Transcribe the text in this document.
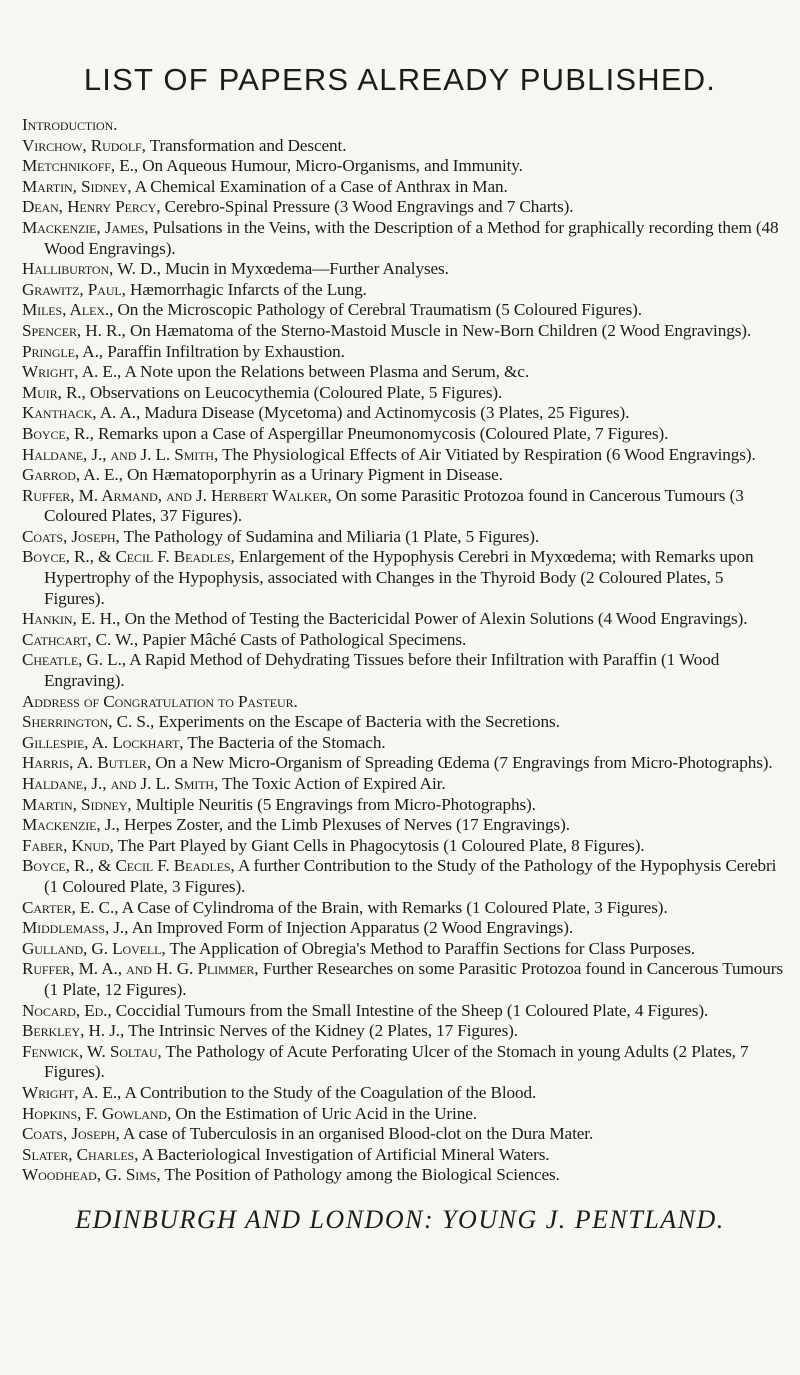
LIST OF PAPERS ALREADY PUBLISHED.
Introduction.
Virchow, Rudolf, Transformation and Descent.
Metchnikoff, E., On Aqueous Humour, Micro-Organisms, and Immunity.
Martin, Sidney, A Chemical Examination of a Case of Anthrax in Man.
Dean, Henry Percy, Cerebro-Spinal Pressure (3 Wood Engravings and 7 Charts).
Mackenzie, James, Pulsations in the Veins, with the Description of a Method for graphically recording them (48 Wood Engravings).
Halliburton, W. D., Mucin in Myxœdema—Further Analyses.
Grawitz, Paul, Hæmorrhagic Infarcts of the Lung.
Miles, Alex., On the Microscopic Pathology of Cerebral Traumatism (5 Coloured Figures).
Spencer, H. R., On Hæmatoma of the Sterno-Mastoid Muscle in New-Born Children (2 Wood Engravings).
Pringle, A., Paraffin Infiltration by Exhaustion.
Wright, A. E., A Note upon the Relations between Plasma and Serum, &c.
Muir, R., Observations on Leucocythemia (Coloured Plate, 5 Figures).
Kanthack, A. A., Madura Disease (Mycetoma) and Actinomycosis (3 Plates, 25 Figures).
Boyce, R., Remarks upon a Case of Aspergillar Pneumonomycosis (Coloured Plate, 7 Figures).
Haldane, J., and J. L. Smith, The Physiological Effects of Air Vitiated by Respiration (6 Wood Engravings).
Garrod, A. E., On Hæmatoporphyrin as a Urinary Pigment in Disease.
Ruffer, M. Armand, and J. Herbert Walker, On some Parasitic Protozoa found in Cancerous Tumours (3 Coloured Plates, 37 Figures).
Coats, Joseph, The Pathology of Sudamina and Miliaria (1 Plate, 5 Figures).
Boyce, R., & Cecil F. Beadles, Enlargement of the Hypophysis Cerebri in Myxœdema; with Remarks upon Hypertrophy of the Hypophysis, associated with Changes in the Thyroid Body (2 Coloured Plates, 5 Figures).
Hankin, E. H., On the Method of Testing the Bactericidal Power of Alexin Solutions (4 Wood Engravings).
Cathcart, C. W., Papier Mâché Casts of Pathological Specimens.
Cheatle, G. L., A Rapid Method of Dehydrating Tissues before their Infiltration with Paraffin (1 Wood Engraving).
Address of Congratulation to Pasteur.
Sherrington, C. S., Experiments on the Escape of Bacteria with the Secretions.
Gillespie, A. Lockhart, The Bacteria of the Stomach.
Harris, A. Butler, On a New Micro-Organism of Spreading Œdema (7 Engravings from Micro-Photographs).
Haldane, J., and J. L. Smith, The Toxic Action of Expired Air.
Martin, Sidney, Multiple Neuritis (5 Engravings from Micro-Photographs).
Mackenzie, J., Herpes Zoster, and the Limb Plexuses of Nerves (17 Engravings).
Faber, Knud, The Part Played by Giant Cells in Phagocytosis (1 Coloured Plate, 8 Figures).
Boyce, R., & Cecil F. Beadles, A further Contribution to the Study of the Pathology of the Hypophysis Cerebri (1 Coloured Plate, 3 Figures).
Carter, E. C., A Case of Cylindroma of the Brain, with Remarks (1 Coloured Plate, 3 Figures).
Middlemass, J., An Improved Form of Injection Apparatus (2 Wood Engravings).
Gulland, G. Lovell, The Application of Obregia's Method to Paraffin Sections for Class Purposes.
Ruffer, M. A., and H. G. Plimmer, Further Researches on some Parasitic Protozoa found in Cancerous Tumours (1 Plate, 12 Figures).
Nocard, Ed., Coccidial Tumours from the Small Intestine of the Sheep (1 Coloured Plate, 4 Figures).
Berkley, H. J., The Intrinsic Nerves of the Kidney (2 Plates, 17 Figures).
Fenwick, W. Soltau, The Pathology of Acute Perforating Ulcer of the Stomach in young Adults (2 Plates, 7 Figures).
Wright, A. E., A Contribution to the Study of the Coagulation of the Blood.
Hopkins, F. Gowland, On the Estimation of Uric Acid in the Urine.
Coats, Joseph, A case of Tuberculosis in an organised Blood-clot on the Dura Mater.
Slater, Charles, A Bacteriological Investigation of Artificial Mineral Waters.
Woodhead, G. Sims, The Position of Pathology among the Biological Sciences.
EDINBURGH AND LONDON: YOUNG J. PENTLAND.
